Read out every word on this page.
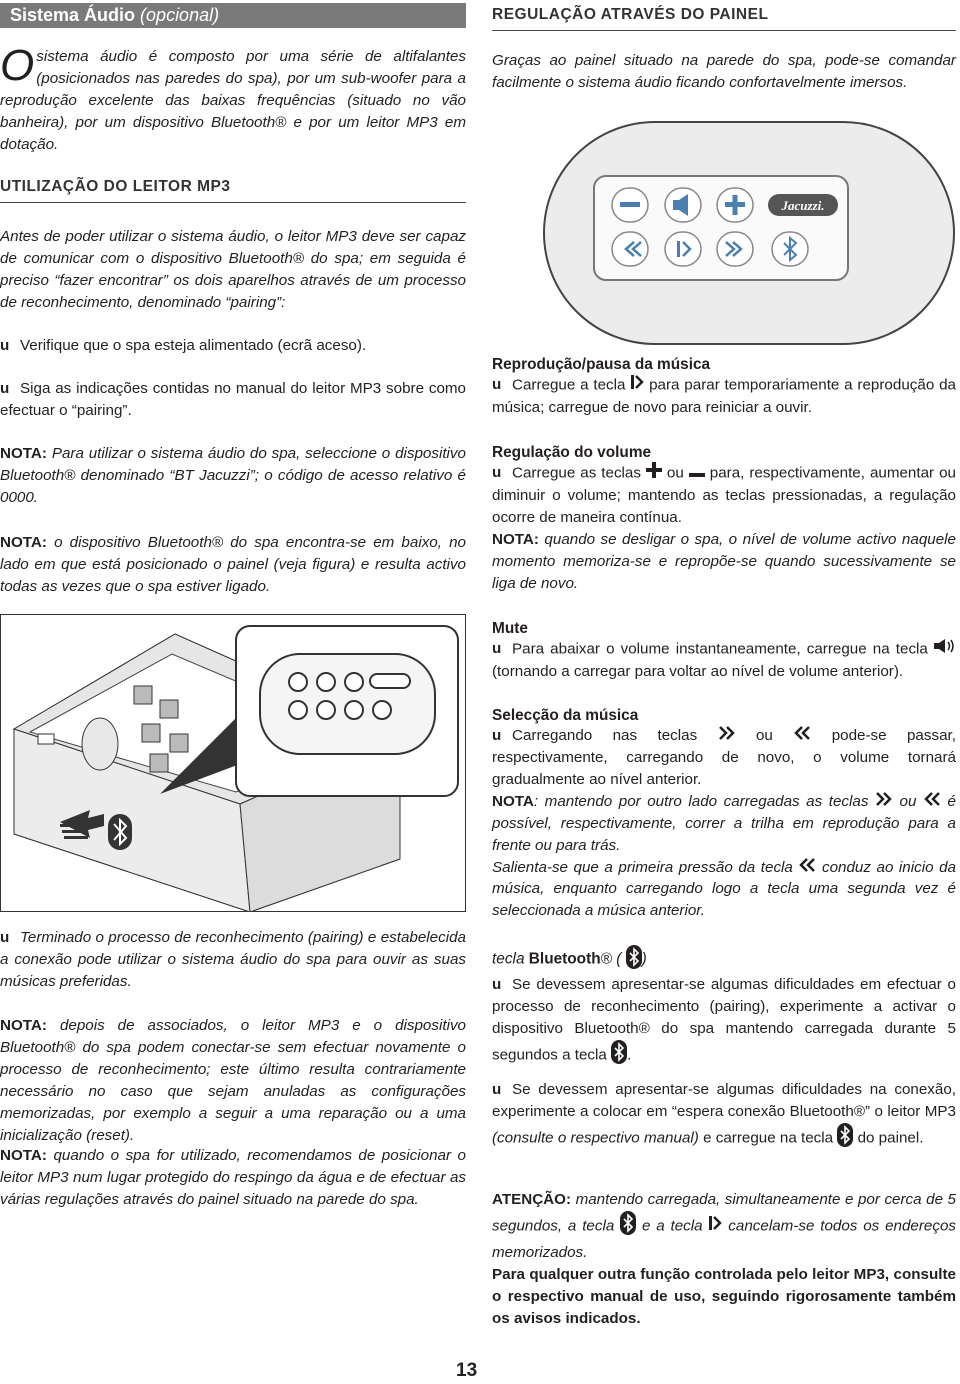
Sistema Áudio (opcional)

Osistema áudio é composto por uma série de altifalantes (posicionados nas paredes do spa), por um sub-woofer para a reprodução excelente das baixas frequências (situado no vão banheira), por um dispositivo Bluetooth® e por um leitor MP3 em dotação.

UTILIZAÇÃO DO LEITOR MP3

Antes de poder utilizar o sistema áudio, o leitor MP3 deve ser capaz de comunicar com o dispositivo Bluetooth® do spa; em seguida é preciso “fazer encontrar” os dois aparelhos através de um processo de reconhecimento, denominado “pairing”:

u Verifique que o spa esteja alimentado (ecrã aceso).

u Siga as indicações contidas no manual do leitor MP3 sobre como efectuar o “pairing”.

NOTA: Para utilizar o sistema áudio do spa, seleccione o dispositivo Bluetooth® denominado “BT Jacuzzi”; o código de acesso relativo é 0000.

NOTA: o dispositivo Bluetooth® do spa encontra-se em baixo, no lado em que está posicionado o painel (veja figura) e resulta activo todas as vezes que o spa estiver ligado.

u Terminado o processo de reconhecimento (pairing) e estabelecida a conexão pode utilizar o sistema áudio do spa para ouvir as suas músicas preferidas.

NOTA: depois de associados, o leitor MP3 e o dispositivo Bluetooth® do spa podem conectar-se sem efectuar novamente o processo de reconhecimento; este último resulta contrariamente necessário no caso que sejam anuladas as configurações memorizadas, por exemplo a seguir a uma reparação ou a uma inicialização (reset).

NOTA: quando o spa for utilizado, recomendamos de posicionar o leitor MP3 num lugar protegido do respingo da água e de efectuar as várias regulações através do painel situado na parede do spa.

REGULAÇÃO ATRAVÉS DO PAINEL

Graças ao painel situado na parede do spa, pode-se comandar facilmente o sistema áudio ficando confortavelmente imersos.

Jacuzzi.
Reprodução/pausa da música

u Carregue a tecla para parar temporariamente a reprodução da música; carregue de novo para reiniciar a ouvir.

Regulação do volume

u Carregue as teclas ou para, respectivamente, aumentar ou diminuir o volume; mantendo as teclas pressionadas, a regulação ocorre de maneira contínua.

NOTA: quando se desligar o spa, o nível de volume activo naquele momento memoriza-se e repropõe-se quando sucessivamente se liga de novo.

Mute

u Para abaixar o volume instantaneamente, carregue na tecla  (tornando a carregar para voltar ao nível de volume anterior).

Selecção da música

u Carregando nas teclas	ou	pode-se passar, respectivamente, carregando de novo, o volume tornará gradualmente ao nível anterior.

NOTA: mantendo por outro lado carregadas as teclas ou é possível, respectivamente, correr a trilha em reprodução para a frente ou para trás.

Salienta-se que a primeira pressão da tecla conduz ao inicio da música, enquanto carregando logo a tecla uma segunda vez é seleccionada a música anterior.

tecla Bluetooth® ( )

u Se devessem apresentar-se algumas dificuldades em efectuar o processo de reconhecimento (pairing), experimente a activar o dispositivo Bluetooth® do spa mantendo carregada durante 5 segundos a tecla .

u Se devessem apresentar-se algumas dificuldades na conexão, experimente a colocar em “espera conexão Bluetooth®” o leitor MP3 (consulte o respectivo manual) e carregue na tecla do painel.

ATENÇÃO: mantendo carregada, simultaneamente e por cerca de 5 segundos, a tecla e a tecla cancelam-se todos os endereços memorizados.

Para qualquer outra função controlada pelo leitor MP3, consulte o respectivo manual de uso, seguindo rigorosamente também os avisos indicados.

13
